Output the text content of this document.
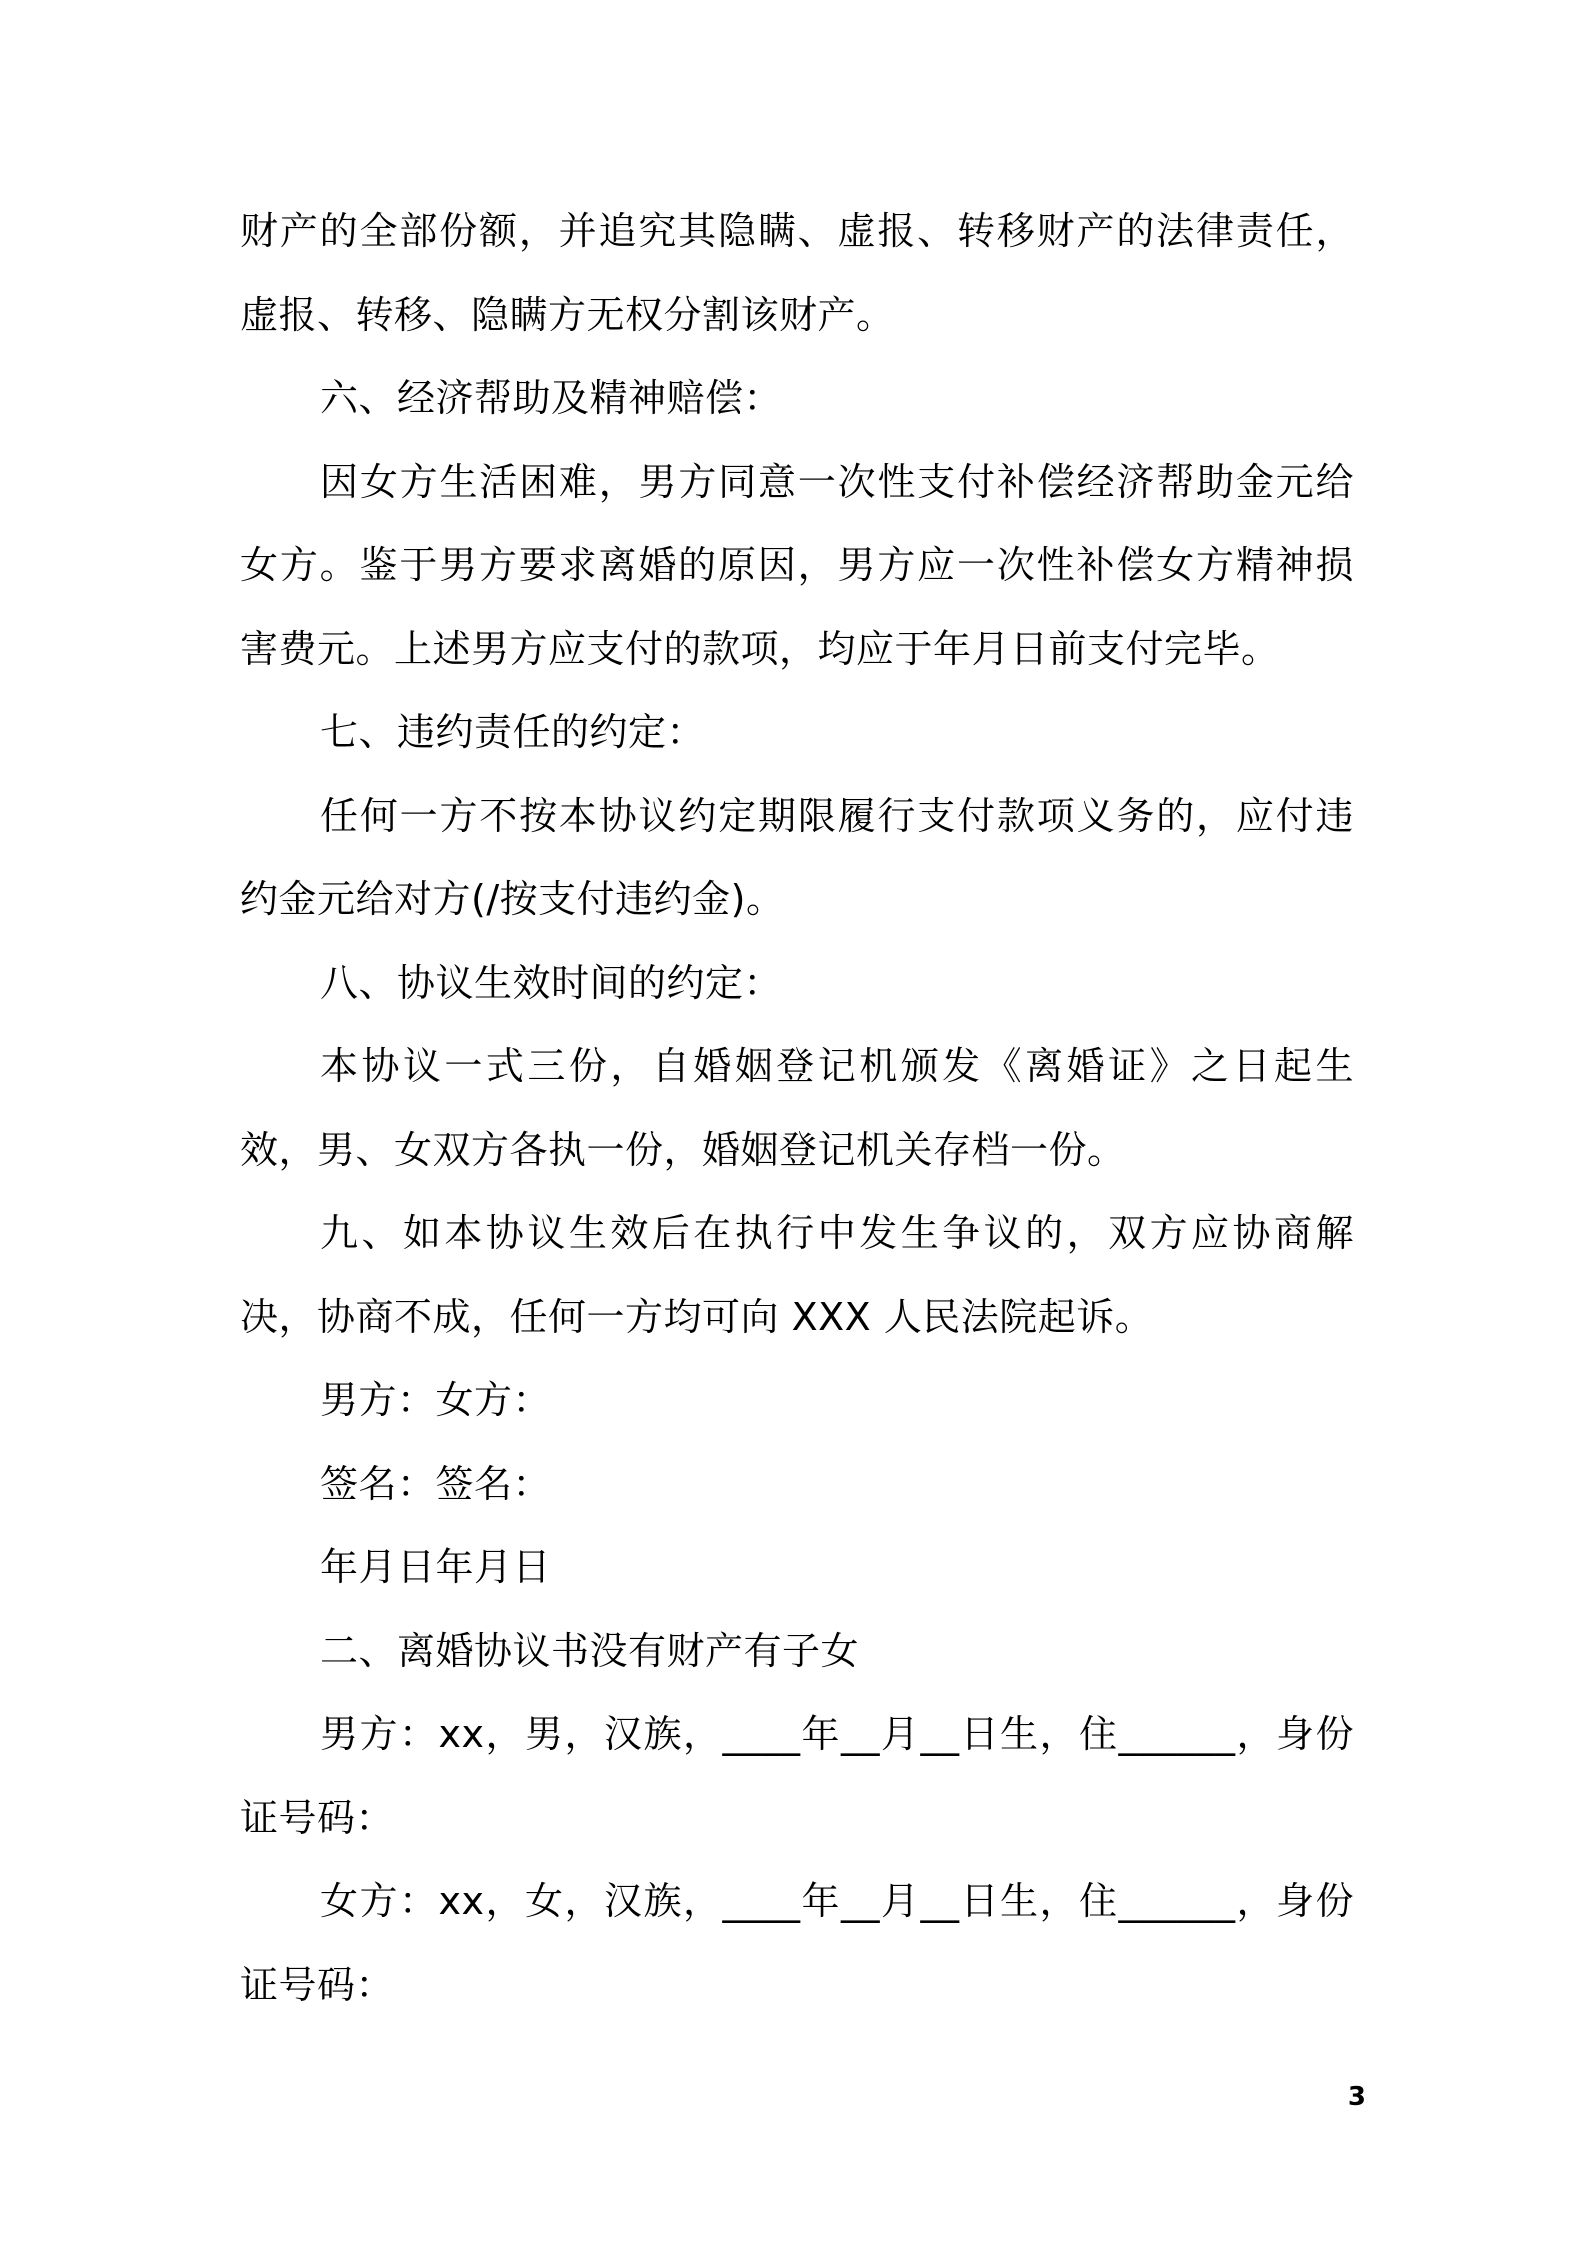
财产的全部份额，并追究其隐瞒、虚报、转移财产的法律责任，虚报、转移、隐瞒方无权分割该财产。

六、经济帮助及精神赔偿：

因女方生活困难，男方同意一次性支付补偿经济帮助金元给女方。鉴于男方要求离婚的原因，男方应一次性补偿女方精神损害费元。上述男方应支付的款项，均应于年月日前支付完毕。

七、违约责任的约定：

任何一方不按本协议约定期限履行支付款项义务的，应付违约金元给对方(/按支付违约金)。

八、协议生效时间的约定：

本协议一式三份，自婚姻登记机颁发《离婚证》之日起生效，男、女双方各执一份，婚姻登记机关存档一份。

九、如本协议生效后在执行中发生争议的，双方应协商解决，协商不成，任何一方均可向 XXX 人民法院起诉。

男方：女方：

签名：签名：

年月日年月日

二、离婚协议书没有财产有子女

男方：xx，男，汉族，____年__月__日生，住______，身份证号码：

女方：xx，女，汉族，____年__月__日生，住______，身份证号码：

3
